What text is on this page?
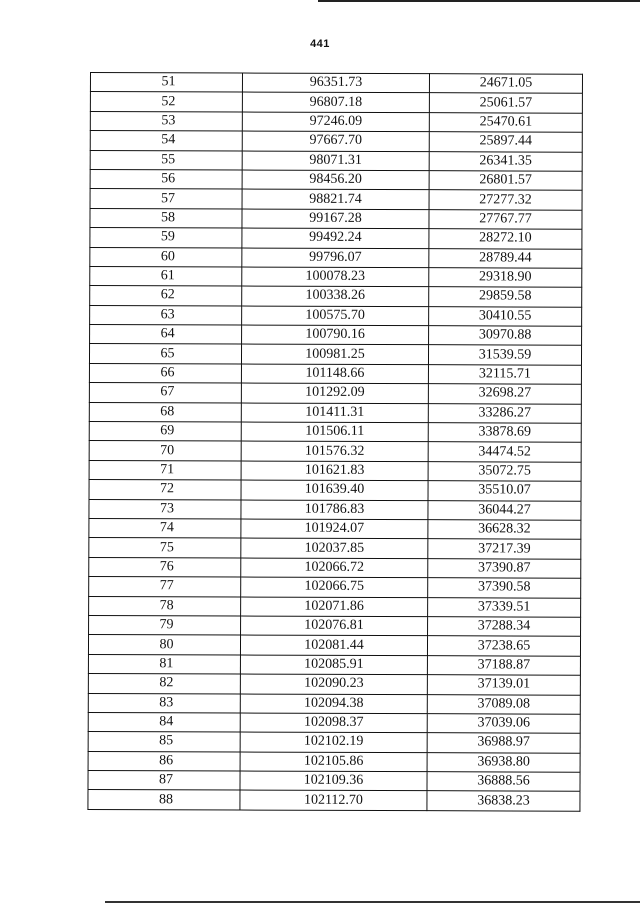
441
51	96351.73	24671.05
52	96807.18	25061.57
53	97246.09	25470.61
54	97667.70	25897.44
55	98071.31	26341.35
56	98456.20	26801.57
57	98821.74	27277.32
58	99167.28	27767.77
59	99492.24	28272.10
60	99796.07	28789.44
61	100078.23	29318.90
62	100338.26	29859.58
63	100575.70	30410.55
64	100790.16	30970.88
65	100981.25	31539.59
66	101148.66	32115.71
67	101292.09	32698.27
68	101411.31	33286.27
69	101506.11	33878.69
70	101576.32	34474.52
71	101621.83	35072.75
72	101639.40	35510.07
73	101786.83	36044.27
74	101924.07	36628.32
75	102037.85	37217.39
76	102066.72	37390.87
77	102066.75	37390.58
78	102071.86	37339.51
79	102076.81	37288.34
80	102081.44	37238.65
81	102085.91	37188.87
82	102090.23	37139.01
83	102094.38	37089.08
84	102098.37	37039.06
85	102102.19	36988.97
86	102105.86	36938.80
87	102109.36	36888.56
88	102112.70	36838.23
